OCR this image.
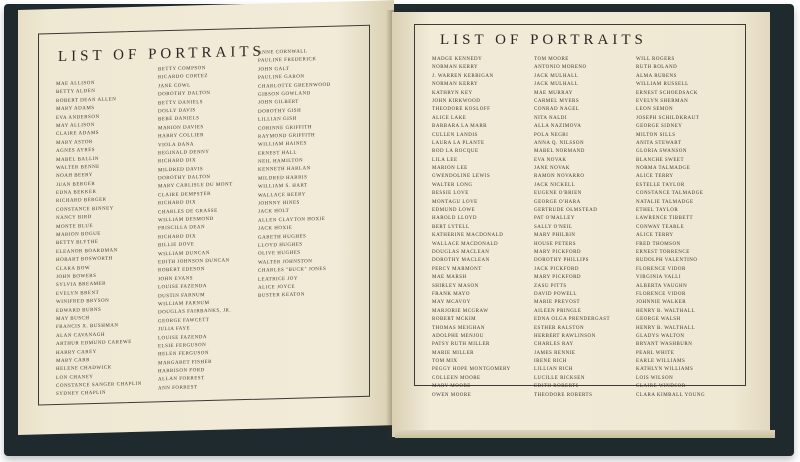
LIST OF PORTRAITS
MAE ALLISON
BETTY ALDEN
ROBERT DEAN ALLEN
MARY ADAMS
EVA ANDERSON
MAY ALLISON
CLAIRE ADAMS
MARY ASTOR
AGNES AYRES
MABEL BALLIN
WALTER BENNE
NOAH BEERY
JUAN BERGER
EDNA BEKKER
RICHARD BERGER
CONSTANCE BINNEY
NANCY BIRD
MONTE BLUE
MARION BOGUE
BETTY BLYTHE
ELEANOR BOARDMAN
HOBART BOSWORTH
CLARA BOW
JOHN BOWERS
SYLVIA BREAMER
EVELYN BRENT
WINIFRED BRYSON
EDWARD BURNS
MAY BUSCH
FRANCIS X. BUSHMAN
ALAN CAVANAGH
ARTHUR EDMUND CAREWE
HARRY CAREY
MARY CARR
HELENE CHADWICK
LON CHANEY
CONSTANCE SANGER CHAPLIN
SYDNEY CHAPLIN
BETTY COMPSON
RICARDO CORTEZ
JANE COWL
DOROTHY DALTON
BETTY DANIELS
DOLLY DAVIS
BEBE DANIELS
MARION DAVIES
HARRY COLLIER
VIOLA DANA
REGINALD DENNY
RICHARD DIX
MILDRED DAVIS
DOROTHY DALTON
MARY CARLISLE DU MONT
CLAIRE DEMPSTER
RICHARD DIX
CHARLES DE GRASSE
WILLIAM DESMOND
PRISCILLA DEAN
RICHARD DIX
BILLIE DOVE
WILLIAM DUNCAN
EDITH JOHNSON DUNCAN
ROBERT EDESON
JOHN EVANS
LOUISE FAZENDA
DUSTIN FARNUM
WILLIAM FARNUM
DOUGLAS FAIRBANKS, JR.
GEORGE FAWCETT
JULIA FAYE
LOUISE FAZENDA
ELSIE FERGUSON
HELEN FERGUSON
MARGARET FISHER
HARRISON FORD
ALLAN FORREST
ANN FORREST
ANNE CORNWALL
PAULINE FREDERICK
JOHN GALT
PAULINE GARON
CHARLOTTE GREENWOOD
GIBSON GOWLAND
JOHN GILBERT
DOROTHY GISH
LILLIAN GISH
CORINNE GRIFFITH
RAYMOND GRIFFITH
WILLIAM HAINES
ERNEST HALL
NEIL HAMILTON
KENNETH HARLAN
MILDRED HARRIS
WILLIAM S. HART
WALLACE BEERY
JOHNNY HINES
JACK HOLT
ALLEN CLAYTON HOXIE
JACK HOXIE
GARETH HUGHES
LLOYD HUGHES
OLIVE HUGHES
WALTER JOHNSTON
CHARLES "BUCK" JONES
LEATRICE JOY
ALICE JOYCE
BUSTER KEATON
LIST OF PORTRAITS
MADGE KENNEDY
NORMAN KERRY
J. WARREN KERRIGAN
NORMAN KERRY
KATHRYN KEY
JOHN KIRKWOOD
THEODORE KOSLOFF
ALICE LAKE
BARBARA LA MARR
CULLEN LANDIS
LAURA LA PLANTE
ROD LA ROCQUE
LILA LEE
MARION LEE
GWENDOLINE LEWIS
WALTER LONG
BESSIE LOVE
MONTAGU LOVE
EDMUND LOWE
HAROLD LLOYD
BERT LYTELL
KATHERINE MACDONALD
WALLACE MACDONALD
DOUGLAS MACLEAN
DOROTHY MACLEAN
PERCY MARMONT
MAE MARSH
SHIRLEY MASON
FRANK MAYO
MAY MCAVOY
MARJORIE MCGRAW
ROBERT MCKIM
THOMAS MEIGHAN
ADOLPHE MENJOU
PATSY RUTH MILLER
MARIE MILLER
TOM MIX
PEGGY HOPE MONTGOMERY
COLLEEN MOORE
MARY MOORE
OWEN MOORE
TOM MOORE
ANTONIO MORENO
JACK MULHALL
JACK MULHALL
MAE MURRAY
CARMEL MYERS
CONRAD NAGEL
NITA NALDI
ALLA NAZIMOVA
POLA NEGRI
ANNA Q. NILSSON
MABEL NORMAND
EVA NOVAK
JANE NOVAK
RAMON NOVARRO
JACK NICKELL
EUGENE O'BRIEN
GEORGE O'HARA
GERTRUDE OLMSTEAD
PAT O'MALLEY
SALLY O'NEIL
MARY PHILBIN
HOUSE PETERS
MARY PICKFORD
DOROTHY PHILLIPS
JACK PICKFORD
MARY PICKFORD
ZASU PITTS
DAVID POWELL
MARIE PREVOST
AILEEN PRINGLE
EDNA OLGA PRENDERGAST
ESTHER RALSTON
HERBERT RAWLINSON
CHARLES RAY
JAMES RENNIE
IRENE RICH
LILLIAN RICH
LUCILLE RICKSEN
EDITH ROBERTS
THEODORE ROBERTS
WILL ROGERS
RUTH ROLAND
ALMA RUBENS
WILLIAM RUSSELL
ERNEST SCHOEDSACK
EVELYN SHERMAN
LEON SEMON
JOSEPH SCHILDKRAUT
GEORGE SIDNEY
MILTON SILLS
ANITA STEWART
GLORIA SWANSON
BLANCHE SWEET
NORMA TALMADGE
ALICE TERRY
ESTELLE TAYLOR
CONSTANCE TALMADGE
NATALIE TALMADGE
ETHEL TAYLOR
LAWRENCE TIBBETT
CONWAY TEARLE
ALICE TERRY
FRED THOMSON
ERNEST TORRENCE
RUDOLPH VALENTINO
FLORENCE VIDOR
VIRGINIA VALLI
ALBERTA VAUGHN
FLORENCE VIDOR
JOHNNIE WALKER
HENRY B. WALTHALL
GEORGE WALSH
HENRY B. WALTHALL
GLADYS WALTON
BRYANT WASHBURN
PEARL WHITE
EARLE WILLIAMS
KATHLYN WILLIAMS
LOIS WILSON
CLAIRE WINDSOR
CLARA KIMBALL YOUNG
